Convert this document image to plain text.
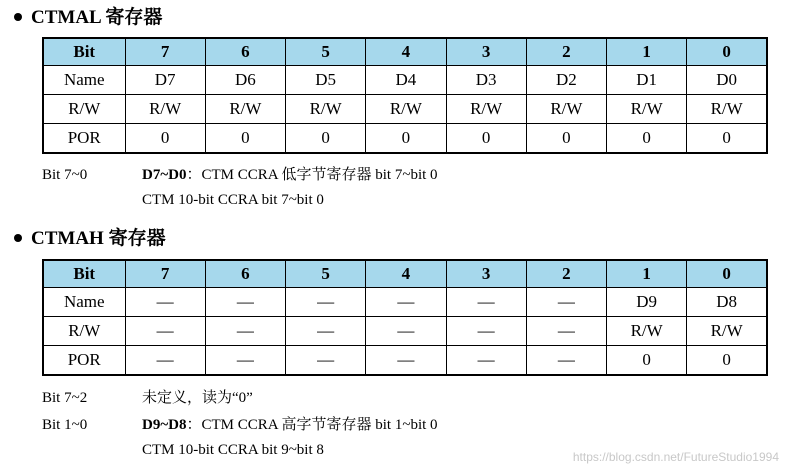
CTMAL 寄存器
Bit	7	6	5	4	3	2	1	0
Name	D7	D6	D5	D4	D3	D2	D1	D0
R/W	R/W	R/W	R/W	R/W	R/W	R/W	R/W	R/W
POR	0	0	0	0	0	0	0	0
Bit 7~0	D7~D0：CTM CCRA 低字节寄存器 bit 7~bit 0
CTM 10-bit CCRA bit 7~bit 0
CTMAH 寄存器
Bit	7	6	5	4	3	2	1	0
Name	—	—	—	—	—	—	D9	D8
R/W	—	—	—	—	—	—	R/W	R/W
POR	—	—	—	—	—	—	0	0
Bit 7~2	未定义，读为“0”
Bit 1~0	D9~D8：CTM CCRA 高字节寄存器 bit 1~bit 0
CTM 10-bit CCRA bit 9~bit 8	https://blog.csdn.net/FutureStudio1994
